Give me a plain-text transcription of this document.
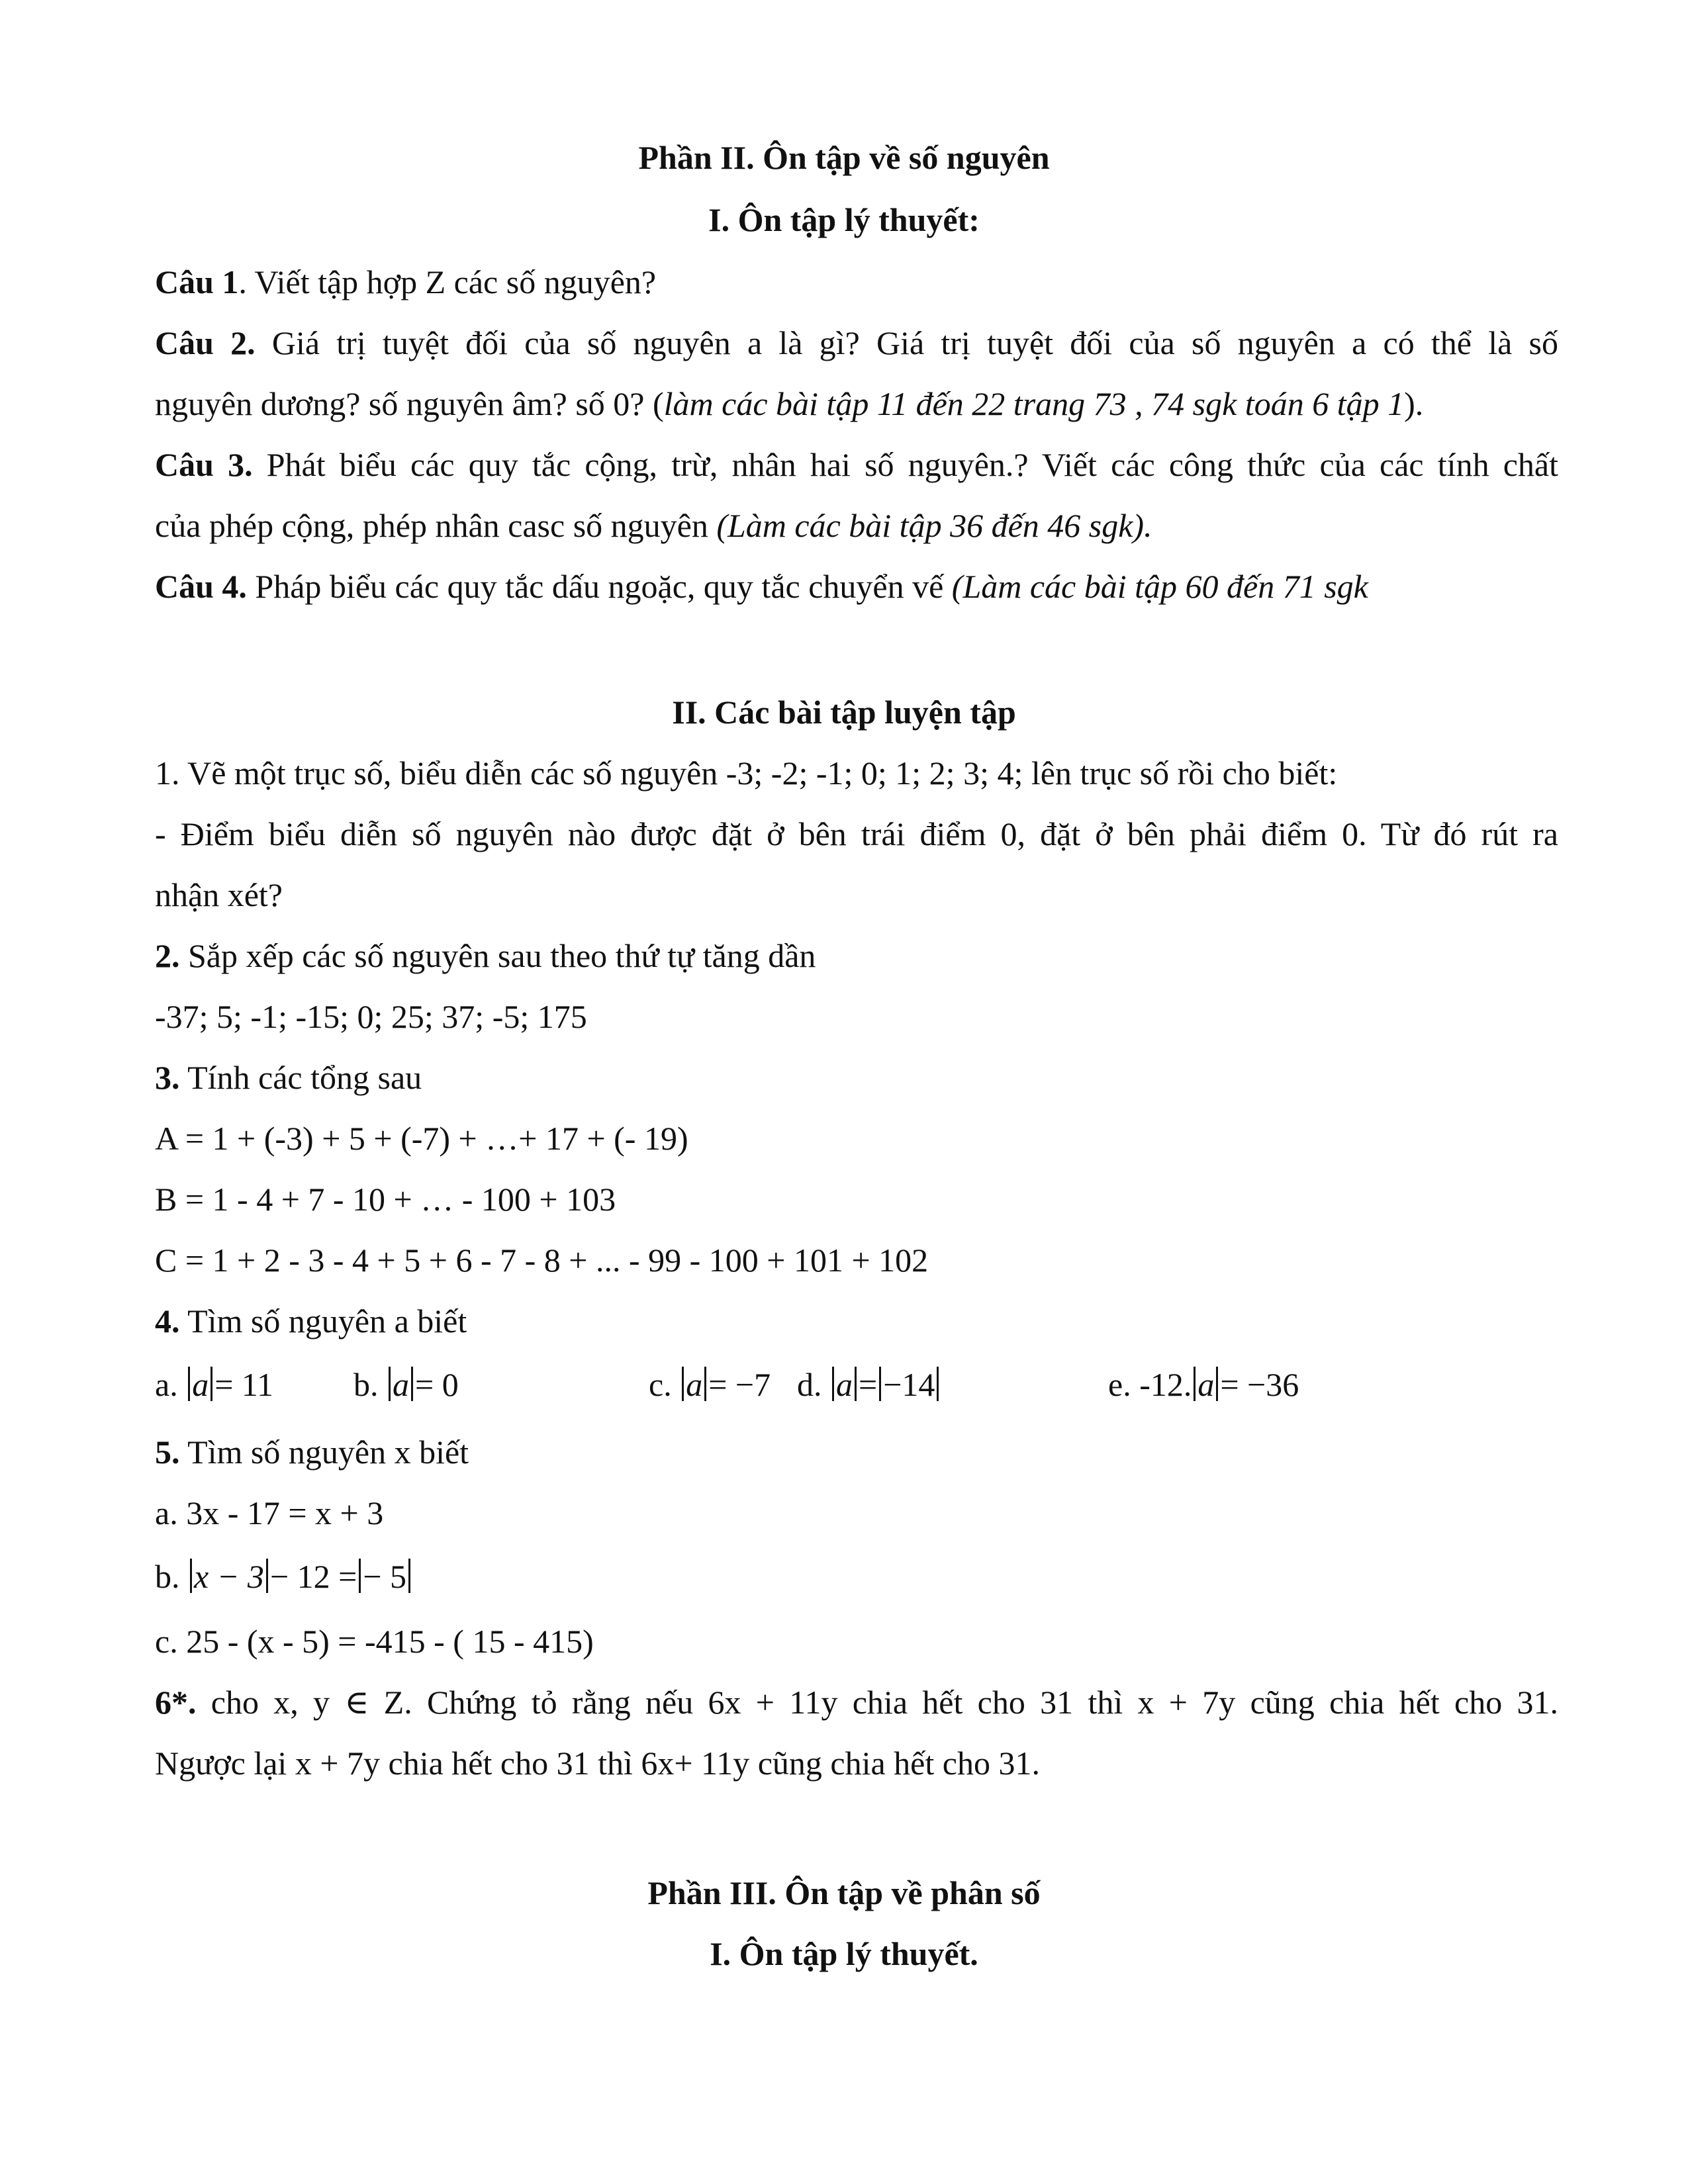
Phần II. Ôn tập về số nguyên
I. Ôn tập lý thuyết:
Câu 1. Viết tập hợp Z các số nguyên?
Câu 2. Giá trị tuyệt đối của số nguyên a là gì? Giá trị tuyệt đối của số nguyên a có thể là số
nguyên dương? số nguyên âm? số 0? (làm các bài tập 11 đến 22 trang 73 , 74 sgk toán 6 tập 1).
Câu 3. Phát biểu các quy tắc cộng, trừ, nhân hai số nguyên.? Viết các công thức của các tính chất
của phép cộng, phép nhân casc số nguyên (Làm các bài tập 36 đến 46 sgk).
Câu 4. Pháp biểu các quy tắc dấu ngoặc, quy tắc chuyển vế (Làm các bài tập 60 đến 71 sgk
II. Các bài tập luyện tập
1. Vẽ một trục số, biểu diễn các số nguyên -3; -2; -1; 0; 1; 2; 3; 4; lên trục số rồi cho biết:
- Điểm biểu diễn số nguyên nào được đặt ở bên trái điểm 0, đặt ở bên phải điểm 0. Từ đó rút ra
nhận xét?
2. Sắp xếp các số nguyên sau theo thứ tự tăng dần
-37; 5; -1; -15; 0; 25; 37; -5; 175
3. Tính các tổng sau
A = 1 + (-3) + 5 + (-7) + …+ 17 + (- 19)
B = 1 - 4 + 7 - 10 + … - 100 + 103
C = 1 + 2 - 3 - 4 + 5 + 6 - 7 - 8 + ... - 99 - 100 + 101 + 102
4. Tìm số nguyên a biết
a. a = 11 b. a = 0	c. a = −7 d. a = −14	e. -12. a = −36
5. Tìm số nguyên x biết
a. 3x - 17 = x + 3
b. x − 3 − 12 = − 5
c. 25 - (x - 5) = -415 - ( 15 - 415)
6*. cho x, y ∈ Z. Chứng tỏ rằng nếu 6x + 11y chia hết cho 31 thì x + 7y cũng chia hết cho 31.
Ngược lại x + 7y chia hết cho 31 thì 6x+ 11y cũng chia hết cho 31.
Phần III. Ôn tập về phân số
I. Ôn tập lý thuyết.
